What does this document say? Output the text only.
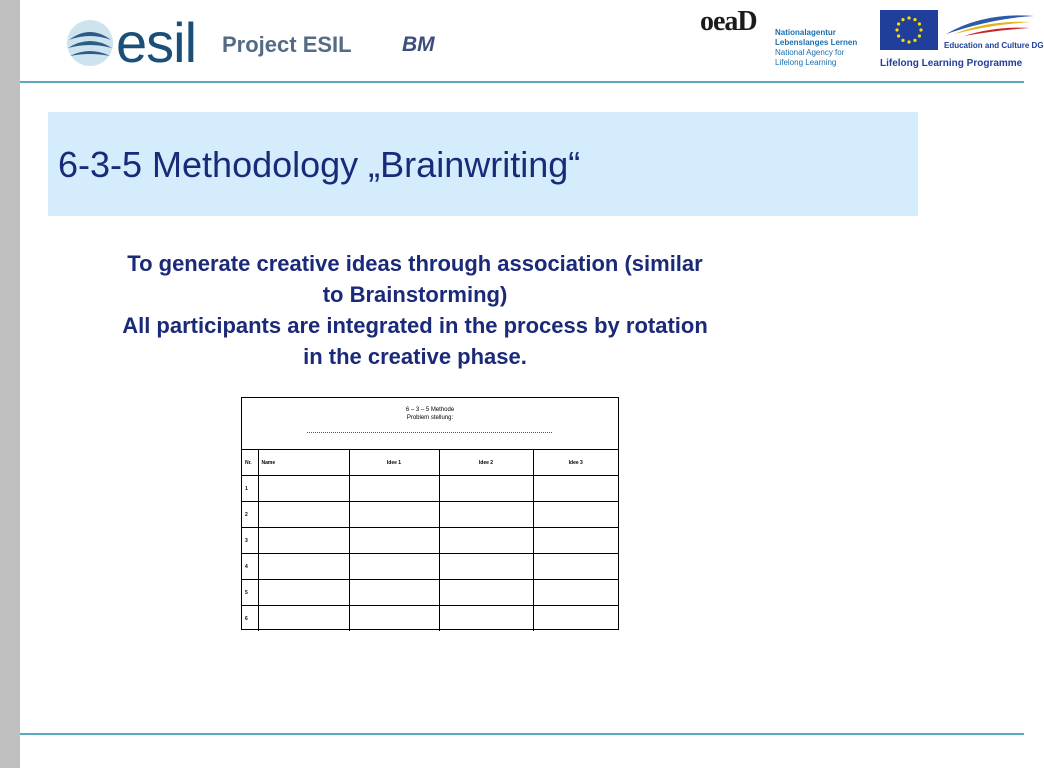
esil Project ESIL BM
oeaD Nationalagentur
Lebenslanges Lernen
National Agency for
Lifelong Learning
Education and Culture DG
Lifelong Learning Programme
6-3-5 Methodology „Brainwriting“
To generate creative ideas through association (similar
to Brainstorming)
All participants are integrated in the process by rotation
in the creative phase.
6 – 3 – 5 Methode
Problem stellung:
Nr.	Name	Idee 1	Idee 2	Idee 3
1				
2				
3				
4				
5				
6				
